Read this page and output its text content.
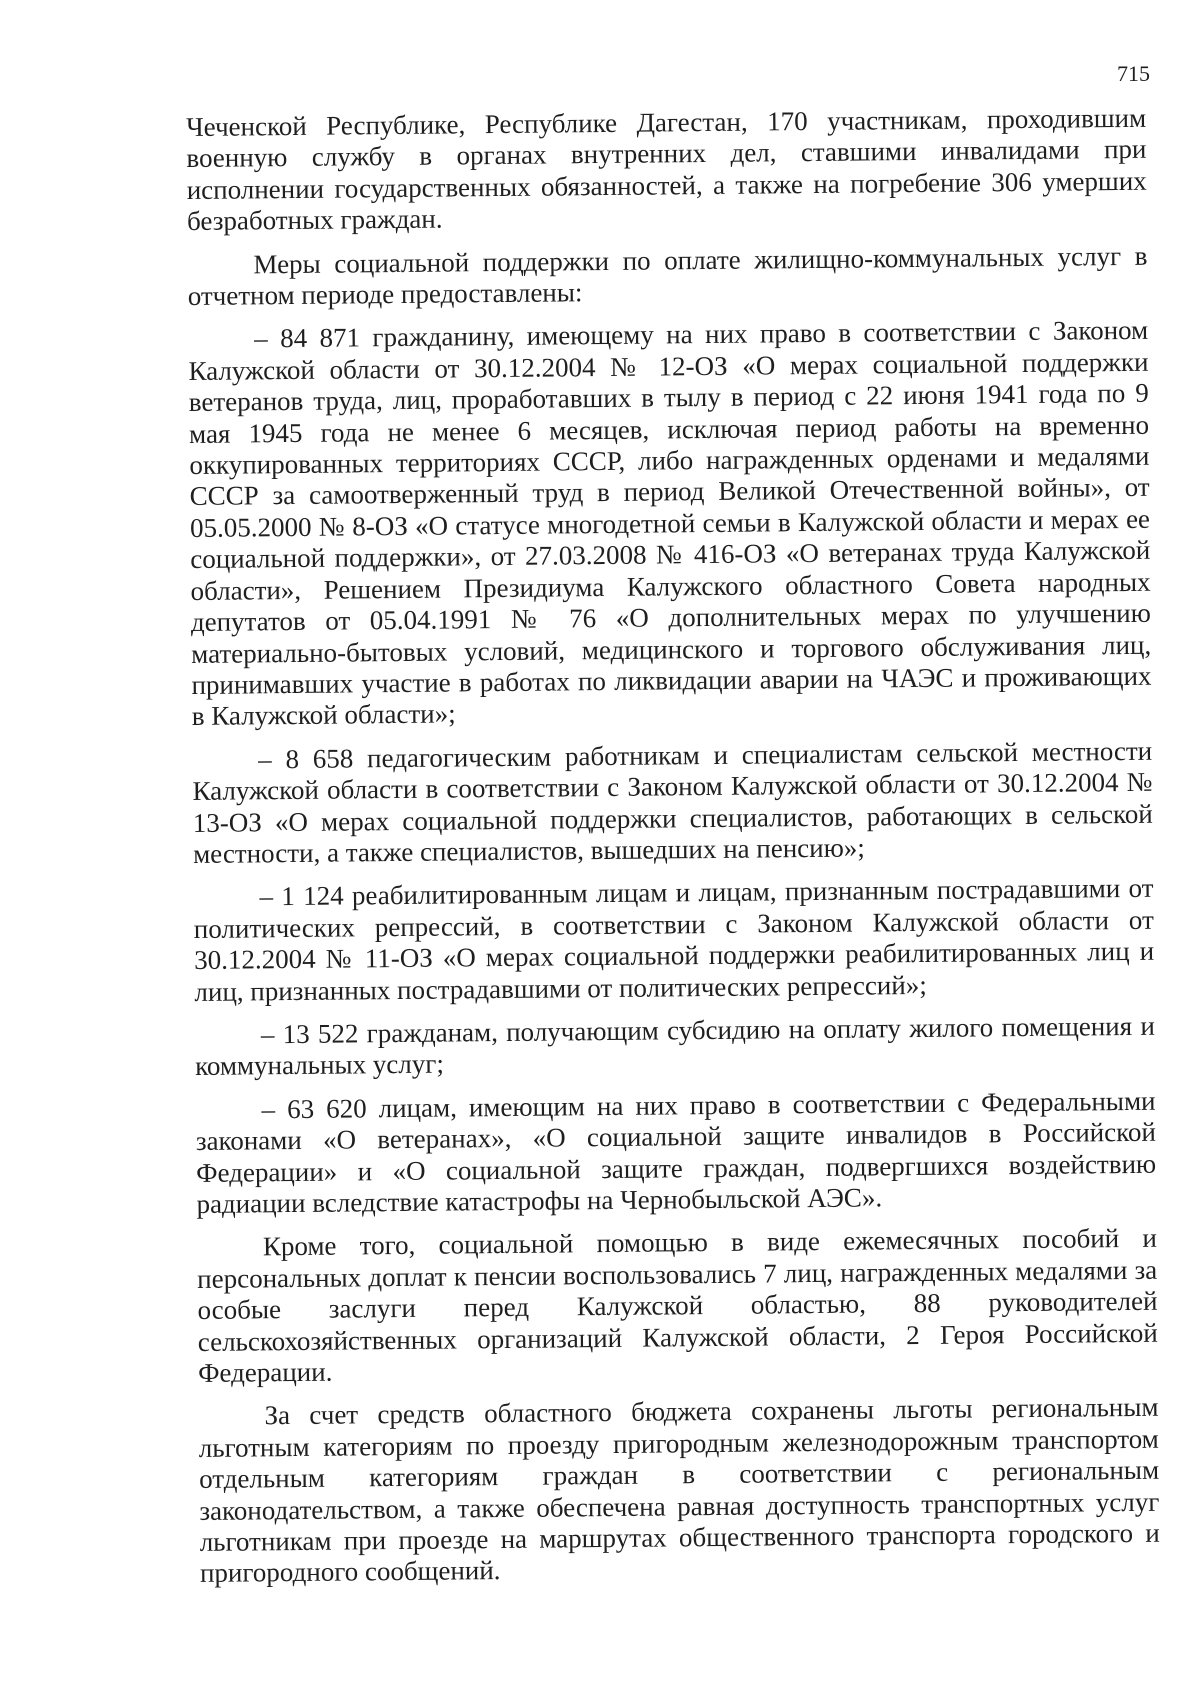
715

Чеченской Республике, Республике Дагестан, 170 участникам, проходившим военную службу в органах внутренних дел, ставшими инвалидами при исполнении государственных обязанностей, а также на погребение 306 умерших безработных граждан.

Меры социальной поддержки по оплате жилищно-коммунальных услуг в отчетном периоде предоставлены:

– 84 871 гражданину, имеющему на них право в соответствии с Законом Калужской области от 30.12.2004 № 12-ОЗ «О мерах социальной поддержки ветеранов труда, лиц, проработавших в тылу в период с 22 июня 1941 года по 9 мая 1945 года не менее 6 месяцев, исключая период работы на временно оккупированных территориях СССР, либо награжденных орденами и медалями СССР за самоотверженный труд в период Великой Отечественной войны», от 05.05.2000 № 8-ОЗ «О статусе многодетной семьи в Калужской области и мерах ее социальной поддержки», от 27.03.2008 № 416-ОЗ «О ветеранах труда Калужской области», Решением Президиума Калужского областного Совета народных депутатов от 05.04.1991 № 76 «О дополнительных мерах по улучшению материально-бытовых условий, медицинского и торгового обслуживания лиц, принимавших участие в работах по ликвидации аварии на ЧАЭС и проживающих в Калужской области»;

– 8 658 педагогическим работникам и специалистам сельской местности Калужской области в соответствии с Законом Калужской области от 30.12.2004 № 13-ОЗ «О мерах социальной поддержки специалистов, работающих в сельской местности, а также специалистов, вышедших на пенсию»;

– 1 124 реабилитированным лицам и лицам, признанным пострадавшими от политических репрессий, в соответствии с Законом Калужской области от 30.12.2004 № 11-ОЗ «О мерах социальной поддержки реабилитированных лиц и лиц, признанных пострадавшими от политических репрессий»;

– 13 522 гражданам, получающим субсидию на оплату жилого помещения и коммунальных услуг;

– 63 620 лицам, имеющим на них право в соответствии с Федеральными законами «О ветеранах», «О социальной защите инвалидов в Российской Федерации» и «О социальной защите граждан, подвергшихся воздействию радиации вследствие катастрофы на Чернобыльской АЭС».

Кроме того, социальной помощью в виде ежемесячных пособий и персональных доплат к пенсии воспользовались 7 лиц, награжденных медалями за особые заслуги перед Калужской областью, 88 руководителей сельскохозяйственных организаций Калужской области, 2 Героя Российской Федерации.

За счет средств областного бюджета сохранены льготы региональным льготным категориям по проезду пригородным железнодорожным транспортом отдельным категориям граждан в соответствии с региональным законодательством, а также обеспечена равная доступность транспортных услуг льготникам при проезде на маршрутах общественного транспорта городского и пригородного сообщений.
